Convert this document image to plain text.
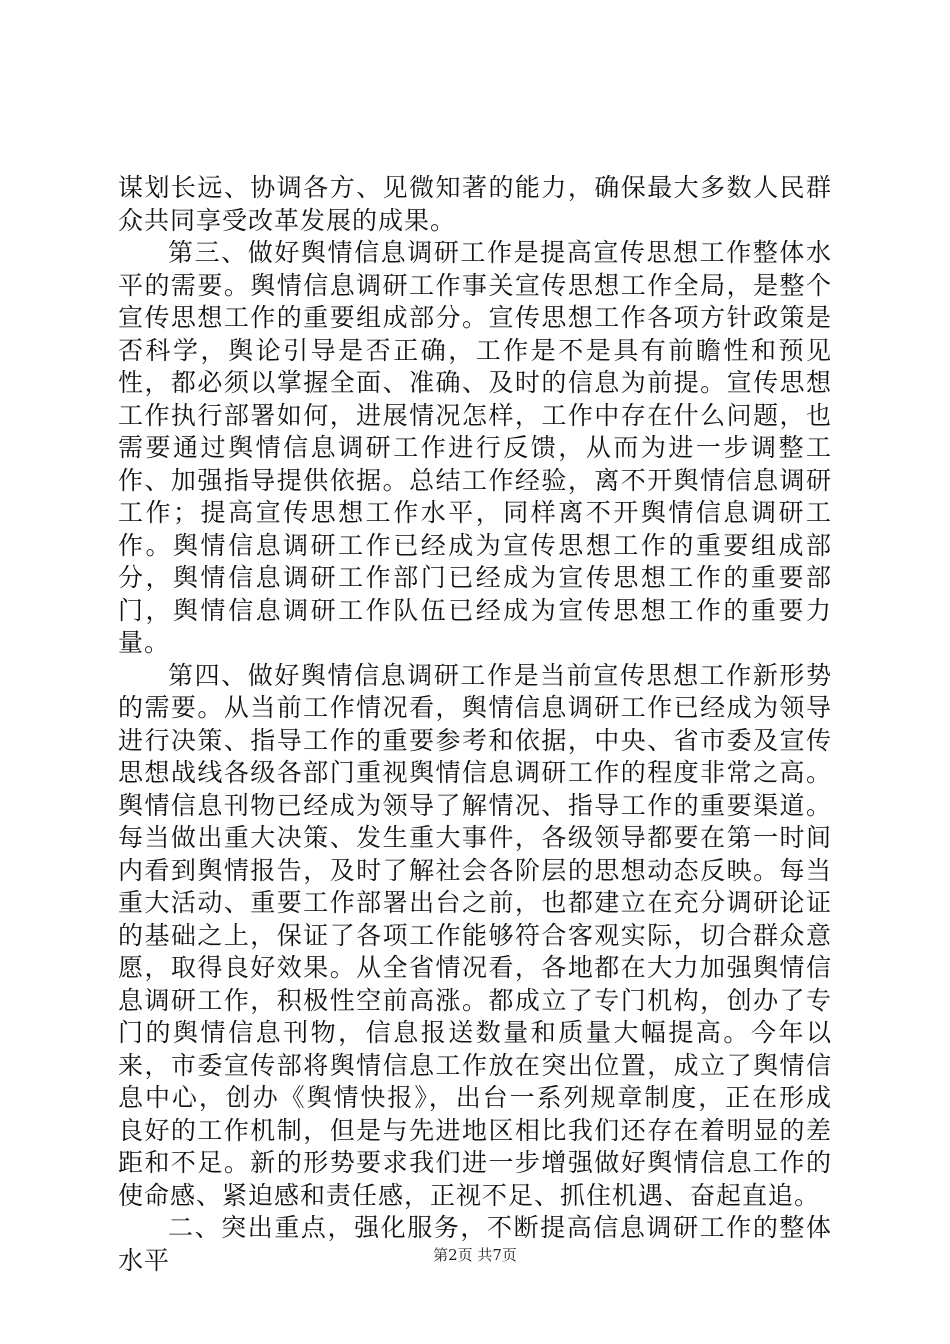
谋划长远、协调各方、见微知著的能力，确保最大多数人民群众共同享受改革发展的成果。

第三、做好舆情信息调研工作是提高宣传思想工作整体水平的需要。舆情信息调研工作事关宣传思想工作全局，是整个宣传思想工作的重要组成部分。宣传思想工作各项方针政策是否科学，舆论引导是否正确，工作是不是具有前瞻性和预见性，都必须以掌握全面、准确、及时的信息为前提。宣传思想工作执行部署如何，进展情况怎样，工作中存在什么问题，也需要通过舆情信息调研工作进行反馈，从而为进一步调整工作、加强指导提供依据。总结工作经验，离不开舆情信息调研工作；提高宣传思想工作水平，同样离不开舆情信息调研工作。舆情信息调研工作已经成为宣传思想工作的重要组成部分，舆情信息调研工作部门已经成为宣传思想工作的重要部门，舆情信息调研工作队伍已经成为宣传思想工作的重要力量。

第四、做好舆情信息调研工作是当前宣传思想工作新形势的需要。从当前工作情况看，舆情信息调研工作已经成为领导进行决策、指导工作的重要参考和依据，中央、省市委及宣传思想战线各级各部门重视舆情信息调研工作的程度非常之高。舆情信息刊物已经成为领导了解情况、指导工作的重要渠道。每当做出重大决策、发生重大事件，各级领导都要在第一时间内看到舆情报告，及时了解社会各阶层的思想动态反映。每当重大活动、重要工作部署出台之前，也都建立在充分调研论证的基础之上，保证了各项工作能够符合客观实际，切合群众意愿，取得良好效果。从全省情况看，各地都在大力加强舆情信息调研工作，积极性空前高涨。都成立了专门机构，创办了专门的舆情信息刊物，信息报送数量和质量大幅提高。今年以来，市委宣传部将舆情信息工作放在突出位置，成立了舆情信息中心，创办《舆情快报》，出台一系列规章制度，正在形成良好的工作机制，但是与先进地区相比我们还存在着明显的差距和不足。新的形势要求我们进一步增强做好舆情信息工作的使命感、紧迫感和责任感，正视不足、抓住机遇、奋起直追。

二、突出重点，强化服务，不断提高信息调研工作的整体水平	第2页 共7页
